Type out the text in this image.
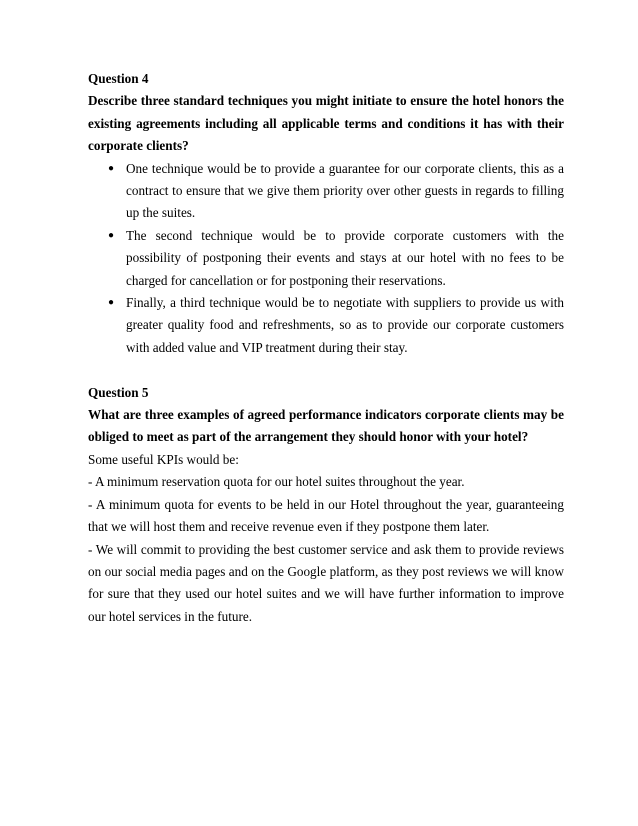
Question 4

Describe three standard techniques you might initiate to ensure the hotel honors the existing agreements including all applicable terms and conditions it has with their corporate clients?

● One technique would be to provide a guarantee for our corporate clients, this as a contract to ensure that we give them priority over other guests in regards to filling up the suites.
● The second technique would be to provide corporate customers with the possibility of postponing their events and stays at our hotel with no fees to be charged for cancellation or for postponing their reservations.
● Finally, a third technique would be to negotiate with suppliers to provide us with greater quality food and refreshments, so as to provide our corporate customers with added value and VIP treatment during their stay.

Question 5

What are three examples of agreed performance indicators corporate clients may be obliged to meet as part of the arrangement they should honor with your hotel?

Some useful KPIs would be:

- A minimum reservation quota for our hotel suites throughout the year.

- A minimum quota for events to be held in our Hotel throughout the year, guaranteeing that we will host them and receive revenue even if they postpone them later.

- We will commit to providing the best customer service and ask them to provide reviews on our social media pages and on the Google platform, as they post reviews we will know for sure that they used our hotel suites and we will have further information to improve our hotel services in the future.
